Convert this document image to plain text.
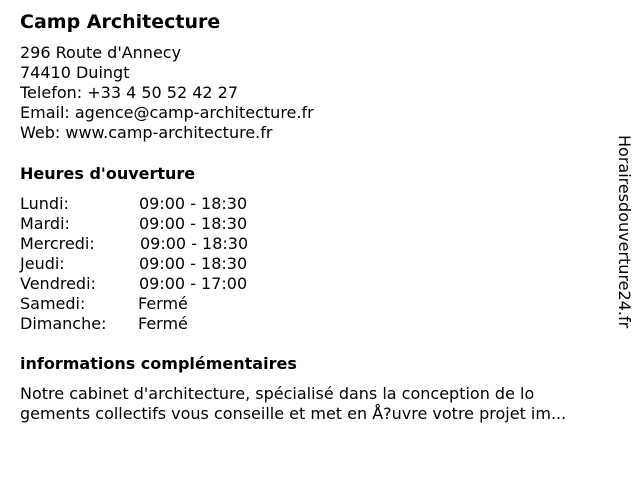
Camp Architecture
296 Route d'Annecy
74410 Duingt
Telefon: +33 4 50 52 42 27
Email: agence@camp-architecture.fr
Web: www.camp-architecture.fr
Heures d'ouverture
Lundi:	09:00 - 18:30
Mardi:	09:00 - 18:30
Mercredi:	09:00 - 18:30
Jeudi:	09:00 - 18:30
Vendredi:	09:00 - 17:00
Samedi:	Fermé
Dimanche: Fermé
informations complémentaires
Notre cabinet d'architecture, spécialisé dans la conception de lo
gements collectifs vous conseille et met en Å?uvre votre projet im...
Horairesdouverture24.fr
